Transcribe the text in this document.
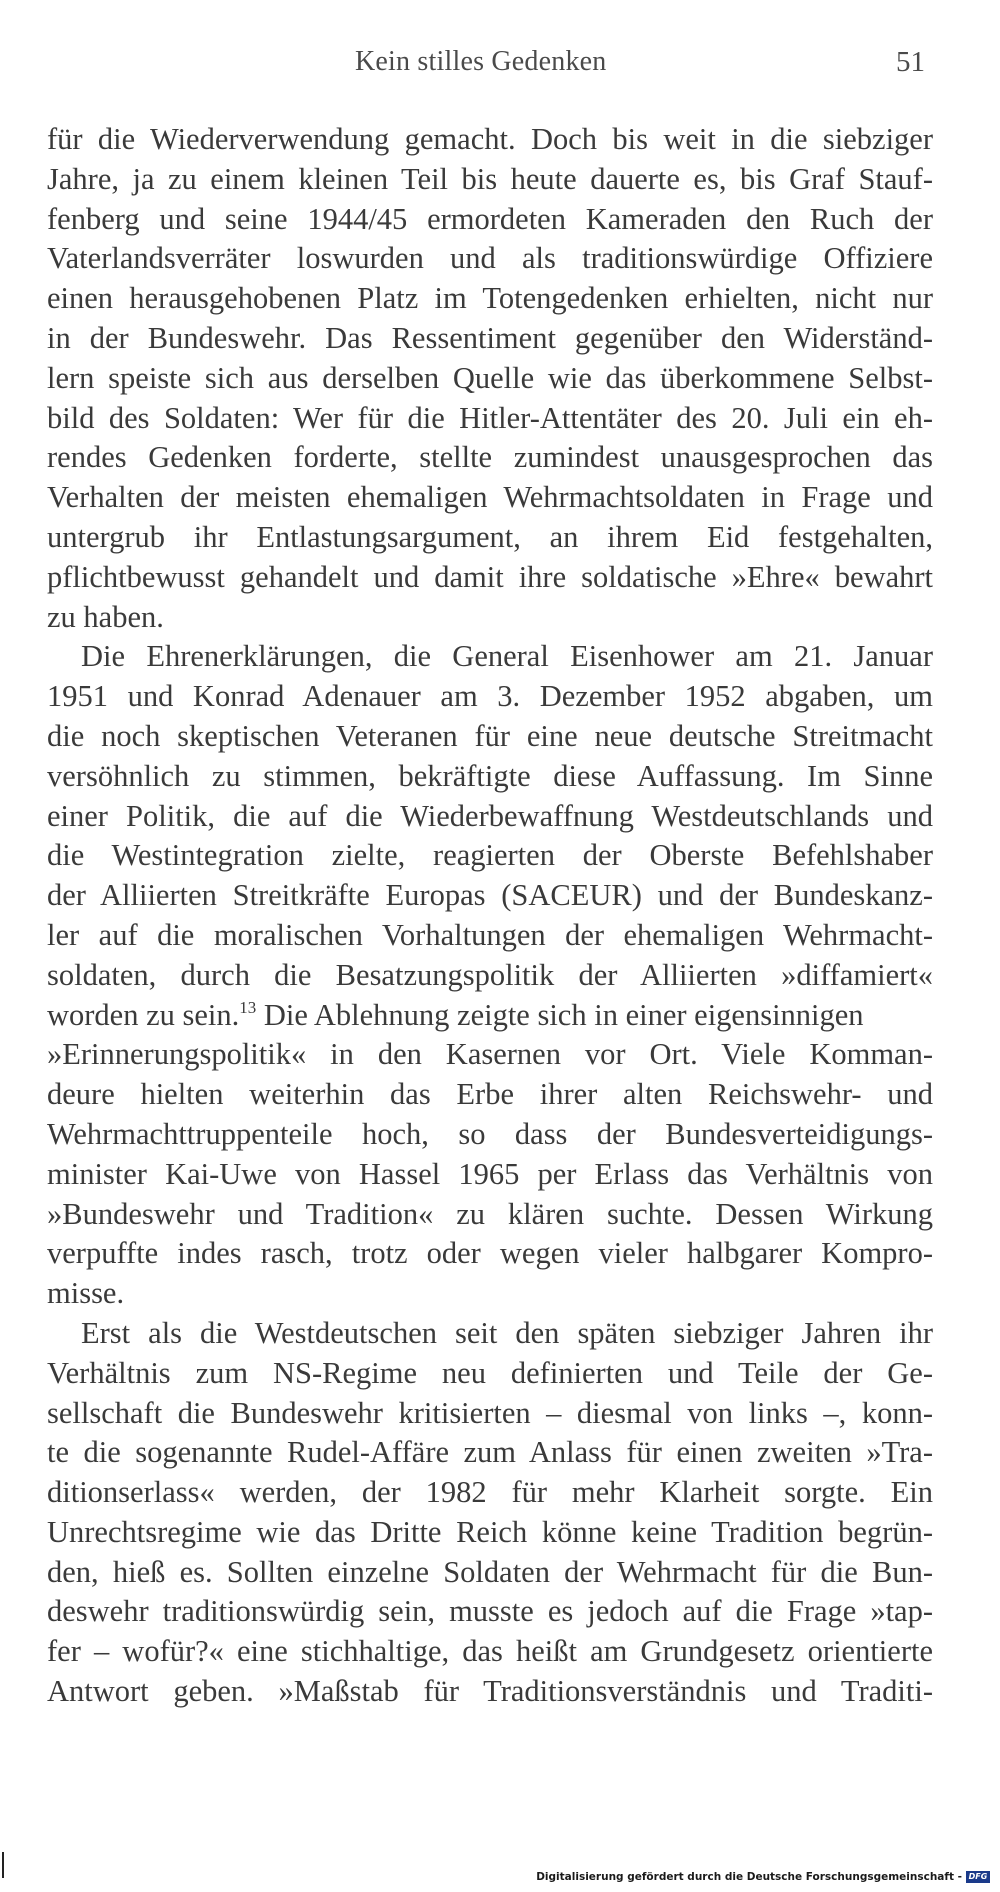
Kein stilles Gedenken	51

für die Wiederverwendung gemacht. Doch bis weit in die siebziger
Jahre, ja zu einem kleinen Teil bis heute dauerte es, bis Graf Stauf-
fenberg und seine 1944/45 ermordeten Kameraden den Ruch der
Vaterlandsverräter loswurden und als traditionswürdige Offiziere
einen herausgehobenen Platz im Totengedenken erhielten, nicht nur
in der Bundeswehr. Das Ressentiment gegenüber den Widerständ-
lern speiste sich aus derselben Quelle wie das überkommene Selbst-
bild des Soldaten: Wer für die Hitler-Attentäter des 20. Juli ein eh-
rendes Gedenken forderte, stellte zumindest unausgesprochen das
Verhalten der meisten ehemaligen Wehrmachtsoldaten in Frage und
untergrub ihr Entlastungsargument, an ihrem Eid festgehalten,
pflichtbewusst gehandelt und damit ihre soldatische »Ehre« bewahrt
zu haben.

Die Ehrenerklärungen, die General Eisenhower am 21. Januar
1951 und Konrad Adenauer am 3. Dezember 1952 abgaben, um
die noch skeptischen Veteranen für eine neue deutsche Streitmacht
versöhnlich zu stimmen, bekräftigte diese Auffassung. Im Sinne
einer Politik, die auf die Wiederbewaffnung Westdeutschlands und
die Westintegration zielte, reagierten der Oberste Befehlshaber
der Alliierten Streitkräfte Europas (SACEUR) und der Bundeskanz-
ler auf die moralischen Vorhaltungen der ehemaligen Wehrmacht-
soldaten, durch die Besatzungspolitik der Alliierten »diffamiert«
worden zu sein.$^{13}$ Die Ablehnung zeigte sich in einer eigensinnigen
»Erinnerungspolitik« in den Kasernen vor Ort. Viele Komman-
deure hielten weiterhin das Erbe ihrer alten Reichswehr- und
Wehrmachttruppenteile hoch, so dass der Bundesverteidigungs-
minister Kai-Uwe von Hassel 1965 per Erlass das Verhältnis von
»Bundeswehr und Tradition« zu klären suchte. Dessen Wirkung
verpuffte indes rasch, trotz oder wegen vieler halbgarer Kompro-
misse.

Erst als die Westdeutschen seit den späten siebziger Jahren ihr
Verhältnis zum NS-Regime neu definierten und Teile der Ge-
sellschaft die Bundeswehr kritisierten – diesmal von links –, konn-
te die sogenannte Rudel-Affäre zum Anlass für einen zweiten »Tra-
ditionserlass« werden, der 1982 für mehr Klarheit sorgte. Ein
Unrechtsregime wie das Dritte Reich könne keine Tradition begrün-
den, hieß es. Sollten einzelne Soldaten der Wehrmacht für die Bun-
deswehr traditionswürdig sein, musste es jedoch auf die Frage »tap-
fer – wofür?« eine stichhaltige, das heißt am Grundgesetz orientierte
Antwort geben. »Maßstab für Traditionsverständnis und Traditi-

Digitalisierung gefördert durch die Deutsche Forschungsgemeinschaft - DFG
